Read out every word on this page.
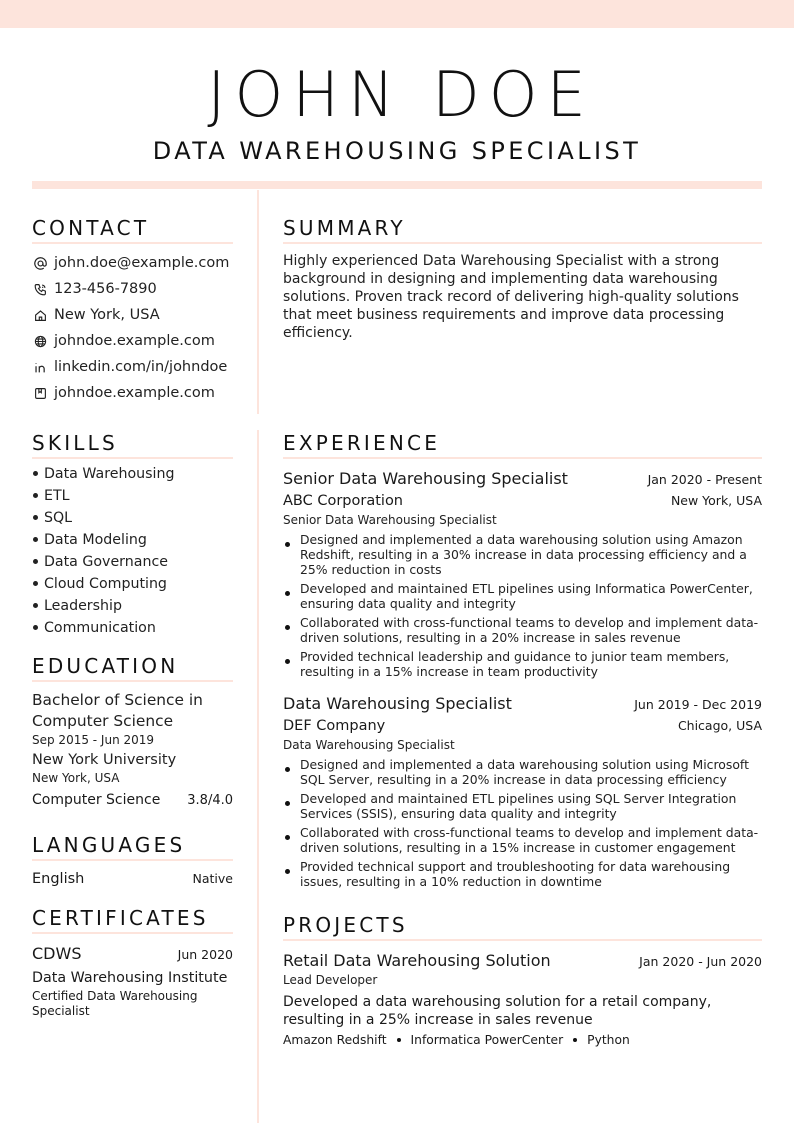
JOHN DOE
DATA WAREHOUSING SPECIALIST
CONTACT
john.doe@example.com
123-456-7890
New York, USA
johndoe.example.com
linkedin.com/in/johndoe
johndoe.example.com
SUMMARY
Highly experienced Data Warehousing Specialist with a strong background in designing and implementing data warehousing solutions. Proven track record of delivering high-quality solutions that meet business requirements and improve data processing efficiency.
SKILLS
Data Warehousing
ETL
SQL
Data Modeling
Data Governance
Cloud Computing
Leadership
Communication
EDUCATION
Bachelor of Science in Computer Science
Sep 2015 - Jun 2019
New York University
New York, USA
Computer Science 3.8/4.0
LANGUAGES
English	Native
CERTIFICATES
CDWS	Jun 2020
Data Warehousing Institute
Certified Data Warehousing Specialist
EXPERIENCE
Senior Data Warehousing Specialist	Jan 2020 - Present
ABC Corporation	New York, USA
Senior Data Warehousing Specialist
Designed and implemented a data warehousing solution using Amazon Redshift, resulting in a 30% increase in data processing efficiency and a 25% reduction in costs
Developed and maintained ETL pipelines using Informatica PowerCenter, ensuring data quality and integrity
Collaborated with cross-functional teams to develop and implement data-driven solutions, resulting in a 20% increase in sales revenue
Provided technical leadership and guidance to junior team members, resulting in a 15% increase in team productivity
Data Warehousing Specialist	Jun 2019 - Dec 2019
DEF Company	Chicago, USA
Data Warehousing Specialist
Designed and implemented a data warehousing solution using Microsoft SQL Server, resulting in a 20% increase in data processing efficiency
Developed and maintained ETL pipelines using SQL Server Integration Services (SSIS), ensuring data quality and integrity
Collaborated with cross-functional teams to develop and implement data-driven solutions, resulting in a 15% increase in customer engagement
Provided technical support and troubleshooting for data warehousing issues, resulting in a 10% reduction in downtime
PROJECTS
Retail Data Warehousing Solution	Jan 2020 - Jun 2020
Lead Developer
Developed a data warehousing solution for a retail company, resulting in a 25% increase in sales revenue
Amazon Redshift Informatica PowerCenter Python
